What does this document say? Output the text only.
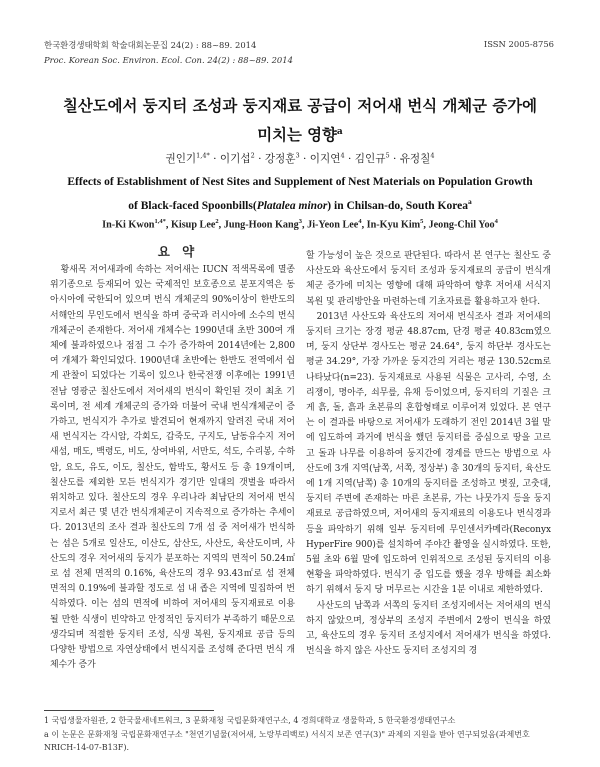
한국환경생태학회 학술대회논문집 24(2) : 88~89. 2014	ISSN 2005-8756
Proc. Korean Soc. Environ. Ecol. Con. 24(2) : 88~89. 2014
칠산도에서 둥지터 조성과 둥지재료 공급이 저어새 번식 개체군 증가에
미치는 영향$^a$
권인기$^{1,4*}$ · 이기섭$^2$ · 강정훈$^3$ · 이지연$^4$ · 김인규$^5$ · 유정칠$^4$
Effects of Establishment of Nest Sites and Supplement of Nest Materials on Population Growth
of Black-faced Spoonbills(Platalea minor) in Chilsan-do, South Korea$^a$
In-Ki Kwon$^{1,4*}$, Kisup Lee$^2$, Jung-Hoon Kang$^3$, Ji-Yeon Lee$^4$, In-Kyu Kim$^5$, Jeong-Chil Yoo$^4$
요 약

황새목 저어새과에 속하는 저어새는 IUCN 적색목록에 멸종위기종으로 등재되어 있는 국제적인 보호종으로 분포지역은 동아시아에 국한되어 있으며 번식 개체군의 90%이상이 한반도의 서해안의 무인도에서 번식을 하며 중국과 러시아에 소수의 번식개체군이 존재한다. 저어새 개체수는 1990년대 초반 300여 개체에 불과하였으나 점점 그 수가 증가하여 2014년에는 2,800여 개체가 확인되었다. 1900년대 초반에는 한반도 전역에서 쉽게 관찰이 되었다는 기록이 있으나 한국전쟁 이후에는 1991년 전남 영광군 칠산도에서 저어새의 번식이 확인된 것이 최초 기록이며, 전 세계 개체군의 증가와 더불어 국내 번식개체군이 증가하고, 번식지가 추가로 발견되어 현재까지 알려진 국내 저어새 번식지는 각시암, 각회도, 갑죽도, 구지도, 남동유수지 저어새섬, 매도, 백령도, 비도, 상여바위, 서만도, 석도, 수리봉, 수하암, 요도, 유도, 이도, 칠산도, 함박도, 황서도 등 총 19개이며, 칠산도를 제외한 모든 번식지가 경기만 일대의 갯벌을 따라서 위치하고 있다. 칠산도의 경우 우리나라 최남단의 저어새 번식지로서 최근 몇 년간 번식개체군이 지속적으로 증가하는 추세이다. 2013년의 조사 결과 칠산도의 7개 섬 중 저어새가 번식하는 섬은 5개로 일산도, 이산도, 삼산도, 사산도, 육산도이며, 사산도의 경우 저어새의 둥지가 분포하는 지역의 면적이 50.24㎡로 섬 전체 면적의 0.16%, 육산도의 경우 93.43㎡로 섬 전체 면적의 0.19%에 불과할 정도로 섬 내 좁은 지역에 밀집하여 번식하였다. 이는 섬의 면적에 비하여 저어새의 둥지재료로 이용될 만한 식생이 빈약하고 안정적인 둥지터가 부족하기 때문으로 생각되며 적절한 둥지터 조성, 식생 복원, 둥지재료 공급 등의 다양한 방법으로 자연상태에서 번식지를 조성해 준다면 번식 개체수가 증가

할 가능성이 높은 것으로 판단된다. 따라서 본 연구는 칠산도 중 사산도와 육산도에서 둥지터 조성과 둥지재료의 공급이 번식개체군 증가에 미치는 영향에 대해 파악하여 향후 저어새 서식지 복원 및 관리방안을 마련하는데 기초자료를 활용하고자 한다.

2013년 사산도와 육산도의 저어새 번식조사 결과 저어새의 둥지터 크기는 장경 평균 48.87cm, 단경 평균 40.83cm였으며, 둥지 상단부 경사도는 평균 24.64°, 둥지 하단부 경사도는 평균 34.29°, 가장 가까운 둥지간의 거리는 평균 130.52cm로 나타났다(n=23). 둥지재료로 사용된 식물은 고사리, 수영, 소리쟁이, 명아주, 쇠무릎, 유채 등이었으며, 둥지터의 기질은 크게 흙, 돌, 흙과 초본류의 혼합형태로 이루어져 있었다. 본 연구는 이 결과를 바탕으로 저어새가 도래하기 전인 2014년 3월 말에 입도하여 과거에 번식을 했던 둥지터를 중심으로 땅을 고르고 돌과 나무를 이용하여 둥지간에 경계를 만드는 방법으로 사산도에 3개 지역(남쪽, 서쪽, 정상부) 총 30개의 둥지터, 육산도에 1개 지역(남쪽) 총 10개의 둥지터를 조성하고 볏짚, 고춧대, 둥지터 주변에 존재하는 마른 초본류, 가는 나뭇가지 등을 둥지재료로 공급하였으며, 저어새의 둥지재료의 이용도나 번식경과 등을 파악하기 위해 일부 둥지터에 무인센서카메라(Reconyx HyperFire 900)를 설치하여 주야간 촬영을 실시하였다. 또한, 5월 초와 6월 말에 입도하여 인위적으로 조성된 둥지터의 이용현황을 파악하였다. 번식기 중 입도를 했을 경우 방해를 최소화하기 위해서 둥지 당 머무르는 시간을 1분 이내로 제한하였다.

사산도의 남쪽과 서쪽의 둥지터 조성지에서는 저어새의 번식하지 않았으며, 정상부의 조성지 주변에서 2쌍이 번식을 하였고, 육산도의 경우 둥지터 조성지에서 저어새가 번식을 하였다. 번식을 하지 않은 사산도 둥지터 조성지의 경

1 국립생물자원관, 2 한국물새네트워크, 3 문화재청 국립문화재연구소, 4 경희대학교 생물학과, 5 한국환경생태연구소
a 이 논문은 문화재청 국립문화재연구소 "천연기념물(저어새, 노랑부리백로) 서식지 보존 연구(3)" 과제의 지원을 받아 연구되었음(과제번호 NRICH-14-07-B13F).
